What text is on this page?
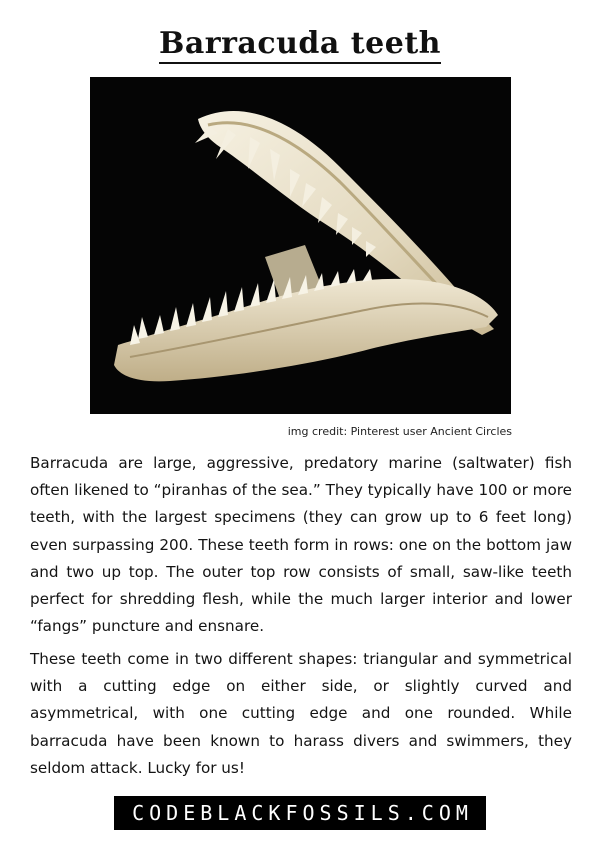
Barracuda teeth
img credit: Pinterest user Ancient Circles

Barracuda are large, aggressive, predatory marine (saltwater) fish often likened to “piranhas of the sea.” They typically have 100 or more teeth, with the largest specimens (they can grow up to 6 feet long) even surpassing 200. These teeth form in rows: one on the bottom jaw and two up top. The outer top row consists of small, saw-like teeth perfect for shredding flesh, while the much larger interior and lower “fangs” puncture and ensnare.

These teeth come in two different shapes: triangular and symmetrical with a cutting edge on either side, or slightly curved and asymmetrical, with one cutting edge and one rounded. While barracuda have been known to harass divers and swimmers, they seldom attack. Lucky for us!

CODEBLACKFOSSILS.COM
